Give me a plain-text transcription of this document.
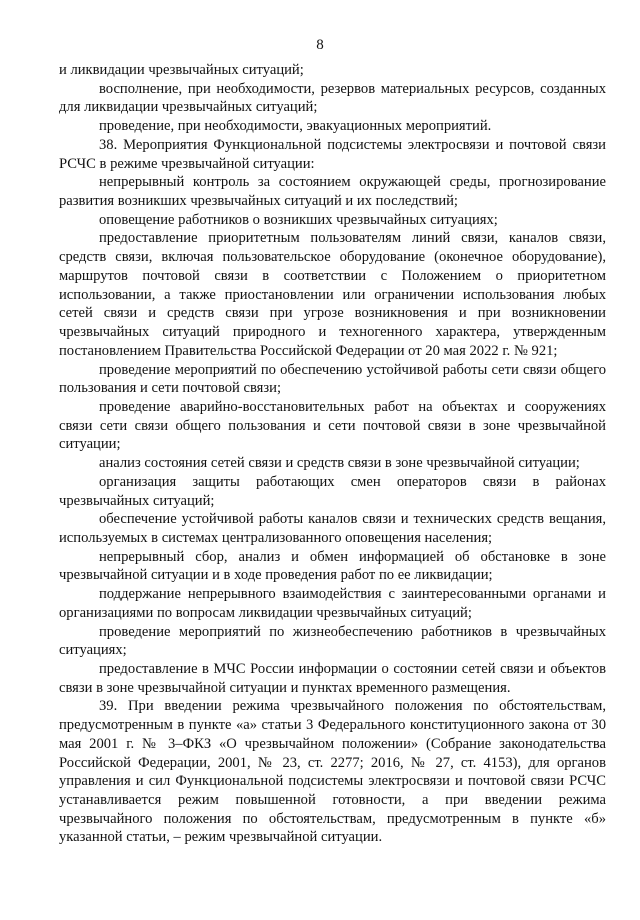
8

и ликвидации чрезвычайных ситуаций;

восполнение, при необходимости, резервов материальных ресурсов, созданных для ликвидации чрезвычайных ситуаций;

проведение, при необходимости, эвакуационных мероприятий.

38. Мероприятия Функциональной подсистемы электросвязи и почтовой связи РСЧС в режиме чрезвычайной ситуации:

непрерывный контроль за состоянием окружающей среды, прогнозирование развития возникших чрезвычайных ситуаций и их последствий;

оповещение работников о возникших чрезвычайных ситуациях;

предоставление приоритетным пользователям линий связи, каналов связи, средств связи, включая пользовательское оборудование (оконечное оборудование), маршрутов почтовой связи в соответствии с Положением о приоритетном использовании, а также приостановлении или ограничении использования любых сетей связи и средств связи при угрозе возникновения и при возникновении чрезвычайных ситуаций природного и техногенного характера, утвержденным постановлением Правительства Российской Федерации от 20 мая 2022 г. № 921;

проведение мероприятий по обеспечению устойчивой работы сети связи общего пользования и сети почтовой связи;

проведение аварийно-восстановительных работ на объектах и сооружениях связи сети связи общего пользования и сети почтовой связи в зоне чрезвычайной ситуации;

анализ состояния сетей связи и средств связи в зоне чрезвычайной ситуации;

организация защиты работающих смен операторов связи в районах чрезвычайных ситуаций;

обеспечение устойчивой работы каналов связи и технических средств вещания, используемых в системах централизованного оповещения населения;

непрерывный сбор, анализ и обмен информацией об обстановке в зоне чрезвычайной ситуации и в ходе проведения работ по ее ликвидации;

поддержание непрерывного взаимодействия с заинтересованными органами и организациями по вопросам ликвидации чрезвычайных ситуаций;

проведение мероприятий по жизнеобеспечению работников в чрезвычайных ситуациях;

предоставление в МЧС России информации о состоянии сетей связи и объектов связи в зоне чрезвычайной ситуации и пунктах временного размещения.

39. При введении режима чрезвычайного положения по обстоятельствам, предусмотренным в пункте «а» статьи 3 Федерального конституционного закона от 30 мая 2001 г. № 3–ФКЗ «О чрезвычайном положении» (Собрание законодательства Российской Федерации, 2001, № 23, ст. 2277; 2016, № 27, ст. 4153), для органов управления и сил Функциональной подсистемы электросвязи и почтовой связи РСЧС устанавливается режим повышенной готовности, а при введении режима чрезвычайного положения по обстоятельствам, предусмотренным в пункте «б» указанной статьи, – режим чрезвычайной ситуации.
